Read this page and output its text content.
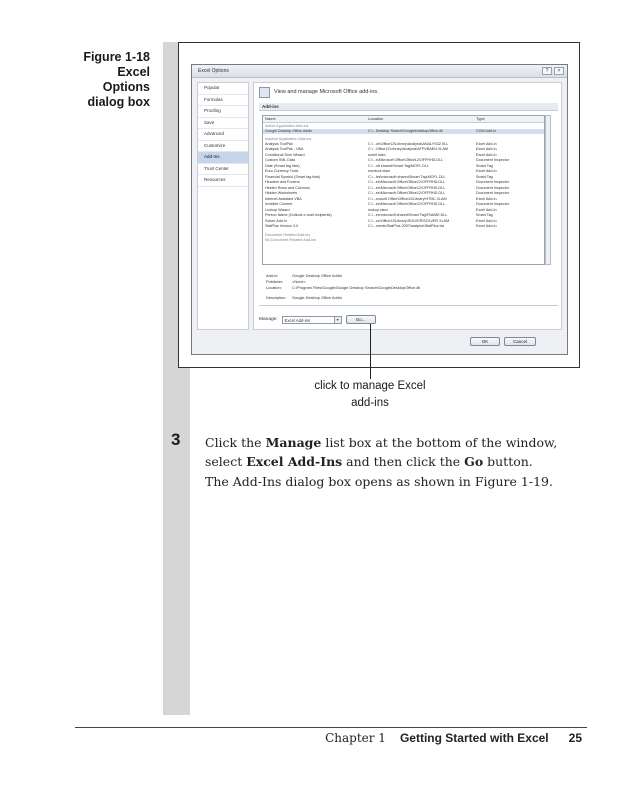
Figure 1-18
Excel
Options
dialog box
Excel Options	?	×
Popular
Formulas
Proofing
Save
Advanced
Customize
Add-Ins
Trust Center
Resources
View and manage Microsoft Office add-ins.
Add-ins
Name	Location	Type
Active Application Add-ins
Google Desktop Office Addin	C:\...Desktop Search\GoogleDesktopOffice.dll	COM Add-in
Inactive Application Add-ins
Analysis ToolPak	C:\...ce\Office12\Library\Analysis\ANALYS32.XLL	Excel Add-in
Analysis ToolPak - VBA	C:\...Office12\Library\Analysis\ATPVBAEN.XLAM	Excel Add-in
Conditional Sum Wizard	sumif.xlam	Excel Add-in
Custom XML Data	C:\...s\Microsoft Office\Office12\OFFRHD.DLL	Document Inspector
Date (Smart tag lists)	C:\...oft shared\Smart Tag\MOFL.DLL	Smart Tag
Euro Currency Tools	eurotool.xlam	Excel Add-in
Financial Symbol (Smart tag lists)	C:\...les\microsoft shared\Smart Tag\MOFL.DLL	Smart Tag
Headers and Footers	C:\...es\Microsoft Office\Office12\OFFRHD.DLL	Document Inspector
Hidden Rows and Columns	C:\...es\Microsoft Office\Office12\OFFRHD.DLL	Document Inspector
Hidden Worksheets	C:\...es\Microsoft Office\Office12\OFFRHD.DLL	Document Inspector
Internet Assistant VBA	C:\...crosoft Office\Office12\Library\HTML.XLAM	Excel Add-in
Invisible Content	C:\...es\Microsoft Office\Office12\OFFRHD.DLL	Document Inspector
Lookup Wizard	lookup.xlam	Excel Add-in
Person Name (Outlook e-mail recipients)	C:\...es\microsoft shared\Smart Tag\FNAME.DLL	Smart Tag
Solver Add-in	C:\...ce\Office12\Library\SOLVER\SOLVER.XLAM	Excel Add-in
StatPlus Version 3.0	C:\...ments\StatPlus 2007\statplus\StatPlus.xla	Excel Add-in
Document Related Add-ins
No Document Related Add-ins
Add-in:	Google Desktop Office Addin
Publisher:	<None>
Location:	C:\Program Files\Google\Google Desktop Search\GoogleDesktopOffice.dll
Description:	Google Desktop Office Addin
Manage:	Excel Add-ins	▾	Go...
OK	Cancel
click to manage Excel
add-ins
3 Click the Manage list box at the bottom of the window, select Excel Add-Ins and then click the Go button.
The Add-Ins dialog box opens as shown in Figure 1-19.
Chapter 1 Getting Started with Excel 25
